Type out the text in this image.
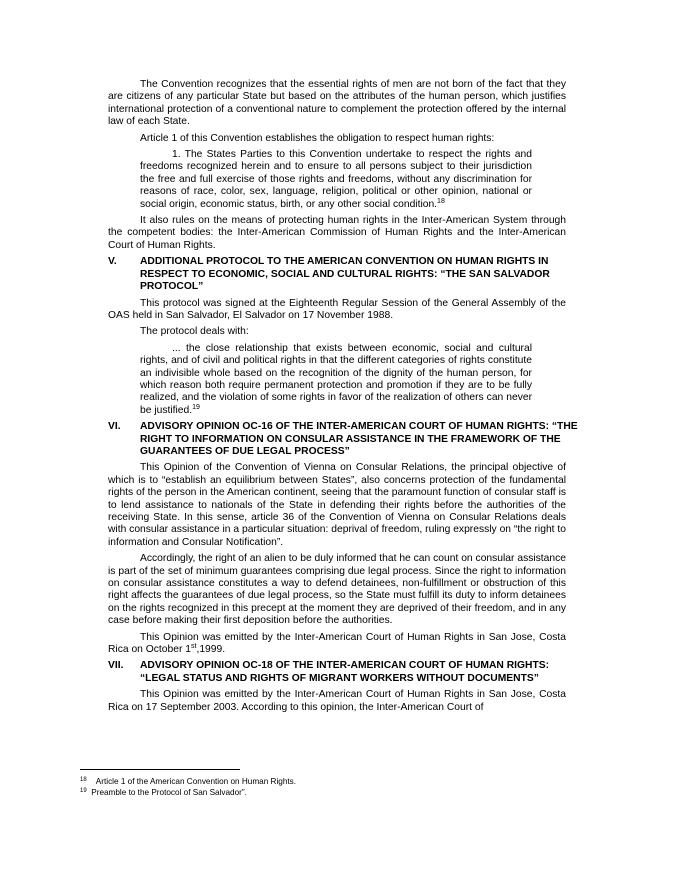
The Convention recognizes that the essential rights of men are not born of the fact that they are citizens of any particular State but based on the attributes of the human person, which justifies international protection of a conventional nature to complement the protection offered by the internal law of each State.

Article 1 of this Convention establishes the obligation to respect human rights:

1. The States Parties to this Convention undertake to respect the rights and freedoms recognized herein and to ensure to all persons subject to their jurisdiction the free and full exercise of those rights and freedoms, without any discrimination for reasons of race, color, sex, language, religion, political or other opinion, national or social origin, economic status, birth, or any other social condition.$^{18}$

It also rules on the means of protecting human rights in the Inter-American System through the competent bodies: the Inter-American Commission of Human Rights and the Inter-American Court of Human Rights.

V.	ADDITIONAL PROTOCOL TO THE AMERICAN CONVENTION ON HUMAN RIGHTS IN RESPECT TO ECONOMIC, SOCIAL AND CULTURAL RIGHTS: “THE SAN SALVADOR PROTOCOL”

This protocol was signed at the Eighteenth Regular Session of the General Assembly of the OAS held in San Salvador, El Salvador on 17 November 1988.

The protocol deals with:

... the close relationship that exists between economic, social and cultural rights, and of civil and political rights in that the different categories of rights constitute an indivisible whole based on the recognition of the dignity of the human person, for which reason both require permanent protection and promotion if they are to be fully realized, and the violation of some rights in favor of the realization of others can never be justified.$^{19}$

VI.	ADVISORY OPINION OC-16 OF THE INTER-AMERICAN COURT OF HUMAN RIGHTS: “THE RIGHT TO INFORMATION ON CONSULAR ASSISTANCE IN THE FRAMEWORK OF THE GUARANTEES OF DUE LEGAL PROCESS”

This Opinion of the Convention of Vienna on Consular Relations, the principal objective of which is to “establish an equilibrium between States”, also concerns protection of the fundamental rights of the person in the American continent, seeing that the paramount function of consular staff is to lend assistance to nationals of the State in defending their rights before the authorities of the receiving State. In this sense, article 36 of the Convention of Vienna on Consular Relations deals with consular assistance in a particular situation: deprival of freedom, ruling expressly on “the right to information and Consular Notification”.

Accordingly, the right of an alien to be duly informed that he can count on consular assistance is part of the set of minimum guarantees comprising due legal process. Since the right to information on consular assistance constitutes a way to defend detainees, non-fulfillment or obstruction of this right affects the guarantees of due legal process, so the State must fulfill its duty to inform detainees on the rights recognized in this precept at the moment they are deprived of their freedom, and in any case before making their first deposition before the authorities.

This Opinion was emitted by the Inter-American Court of Human Rights in San Jose, Costa Rica on October 1st,1999.

VII.	ADVISORY OPINION OC-18 OF THE INTER-AMERICAN COURT OF HUMAN RIGHTS: “LEGAL STATUS AND RIGHTS OF MIGRANT WORKERS WITHOUT DOCUMENTS”

This Opinion was emitted by the Inter-American Court of Human Rights in San Jose, Costa Rica on 17 September 2003. According to this opinion, the Inter-American Court of

$^{18}$ Article 1 of the American Convention on Human Rights.
$^{19}$ Preamble to the Protocol of San Salvador”.
